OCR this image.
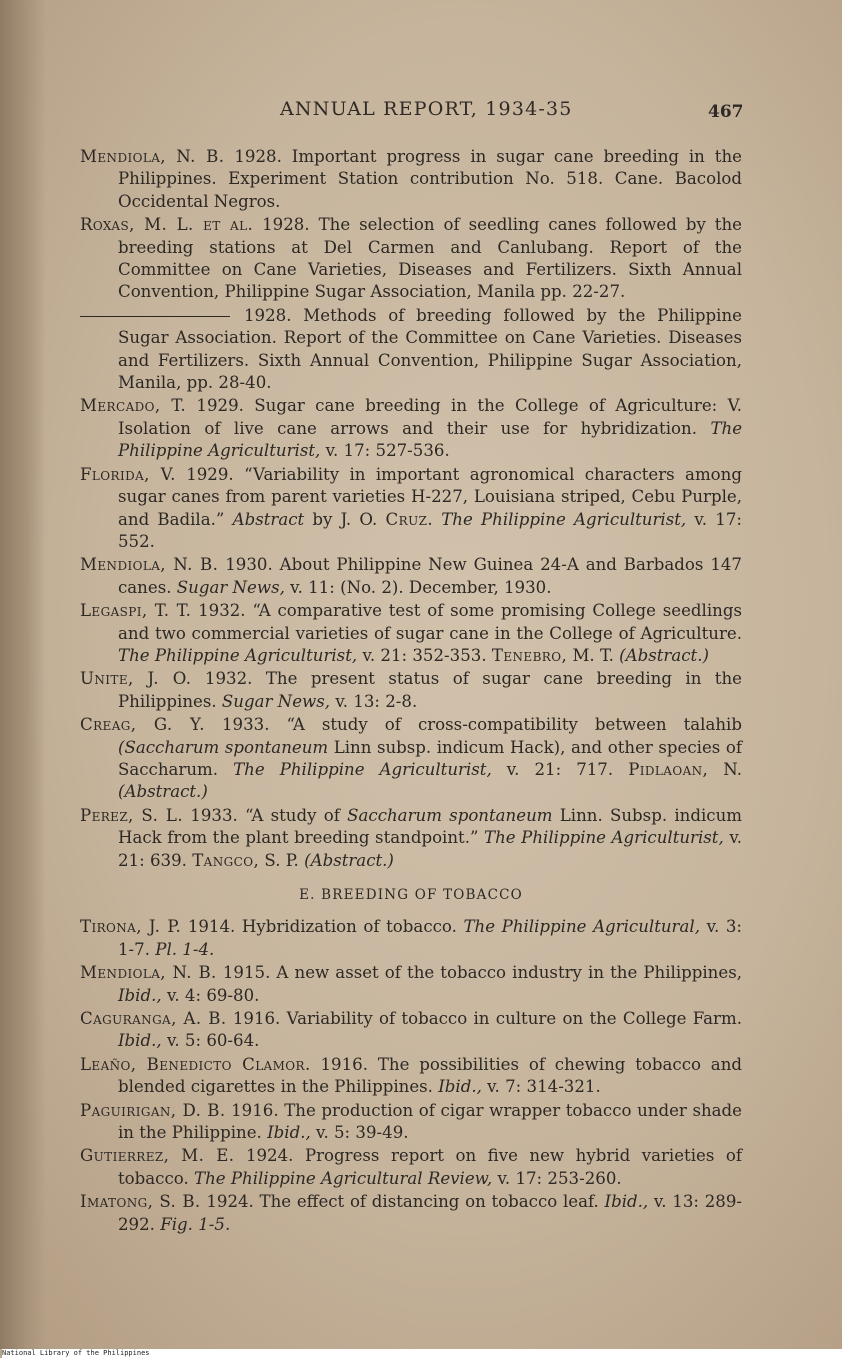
ANNUAL REPORT, 1934-35	467

Mendiola, N. B. 1928. Important progress in sugar cane breeding in the Philippines. Experiment Station contribution No. 518. Cane. Bacolod Occidental Negros.

Roxas, M. L. et al. 1928. The selection of seedling canes followed by the breeding stations at Del Carmen and Canlubang. Report of the Committee on Cane Varieties, Diseases and Fertilizers. Sixth Annual Convention, Philippine Sugar Association, Manila pp. 22-27.

1928. Methods of breeding followed by the Philippine Sugar Association. Report of the Committee on Cane Varieties. Diseases and Fertilizers. Sixth Annual Convention, Philippine Sugar Association, Manila, pp. 28-40.

Mercado, T. 1929. Sugar cane breeding in the College of Agriculture: V. Isolation of live cane arrows and their use for hybridization. The Philippine Agriculturist, v. 17: 527-536.

Florida, V. 1929. “Variability in important agronomical characters among sugar canes from parent varieties H-227, Louisiana striped, Cebu Purple, and Badila.” Abstract by J. O. Cruz. The Philippine Agriculturist, v. 17: 552.

Mendiola, N. B. 1930. About Philippine New Guinea 24-A and Barbados 147 canes. Sugar News, v. 11: (No. 2). December, 1930.

Legaspi, T. T. 1932. “A comparative test of some promising College seedlings and two commercial varieties of sugar cane in the College of Agriculture. The Philippine Agriculturist, v. 21: 352-353. Tenebro, M. T. (Abstract.)

Unite, J. O. 1932. The present status of sugar cane breeding in the Philippines. Sugar News, v. 13: 2-8.

Creag, G. Y. 1933. “A study of cross-compatibility between talahib (Saccharum spontaneum Linn subsp. indicum Hack), and other species of Saccharum. The Philippine Agriculturist, v. 21: 717. Pidlaoan, N. (Abstract.)

Perez, S. L. 1933. “A study of Saccharum spontaneum Linn. Subsp. indicum Hack from the plant breeding standpoint.” The Philippine Agriculturist, v. 21: 639. Tangco, S. P. (Abstract.)

E. BREEDING OF TOBACCO

Tirona, J. P. 1914. Hybridization of tobacco. The Philippine Agricultural, v. 3: 1-7. Pl. 1-4.

Mendiola, N. B. 1915. A new asset of the tobacco industry in the Philippines, Ibid., v. 4: 69-80.

Caguranga, A. B. 1916. Variability of tobacco in culture on the College Farm. Ibid., v. 5: 60-64.

Leaño, Benedicto Clamor. 1916. The possibilities of chewing tobacco and blended cigarettes in the Philippines. Ibid., v. 7: 314-321.

Paguirigan, D. B. 1916. The production of cigar wrapper tobacco under shade in the Philippine. Ibid., v. 5: 39-49.

Gutierrez, M. E. 1924. Progress report on five new hybrid varieties of tobacco. The Philippine Agricultural Review, v. 17: 253-260.

Imatong, S. B. 1924. The effect of distancing on tobacco leaf. Ibid., v. 13: 289-292. Fig. 1-5.

National Library of the Philippines
